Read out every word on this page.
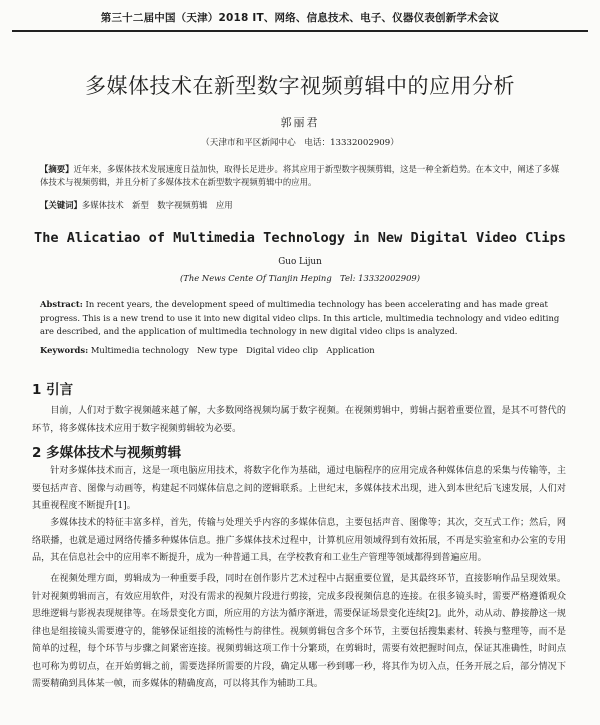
第三十二届中国（天津）2018 IT、网络、信息技术、电子、仪器仪表创新学术会议
多媒体技术在新型数字视频剪辑中的应用分析
郭丽君
（天津市和平区新闻中心　电话：13332002909）
【摘要】近年来，多媒体技术发展速度日益加快，取得长足进步。将其应用于新型数字视频剪辑，这是一种全新趋势。在本文中，阐述了多媒体技术与视频剪辑，并且分析了多媒体技术在新型数字视频剪辑中的应用。
【关键词】多媒体技术　新型　数字视频剪辑　应用
The Alicatiao of Multimedia Technology in New Digital Video Clips
Guo Lijun
(The News Cente Of Tianjin Heping　Tel: 13332002909)
Abstract: In recent years, the development speed of multimedia technology has been accelerating and has made great progress. This is a new trend to use it into new digital video clips. In this article, multimedia technology and video editing are described, and the application of multimedia technology in new digital video clips is analyzed.
Keywords: Multimedia technology　New type　Digital video clip　Application
1 引言
目前，人们对于数字视频越来越了解，大多数网络视频均属于数字视频。在视频剪辑中，剪辑占据着重要位置，是其不可替代的环节，将多媒体技术应用于数字视频剪辑较为必要。
2 多媒体技术与视频剪辑
针对多媒体技术而言，这是一项电脑应用技术，将数字化作为基础，通过电脑程序的应用完成各种媒体信息的采集与传输等，主要包括声音、图像与动画等，构建起不同媒体信息之间的逻辑联系。上世纪末，多媒体技术出现，进入到本世纪后飞速发展，人们对其重视程度不断提升[1]。
多媒体技术的特征丰富多样，首先，传输与处理关乎内容的多媒体信息，主要包括声音、图像等；其次，交互式工作；然后，网络联播，也就是通过网络传播多种媒体信息。推广多媒体技术过程中，计算机应用领域得到有效拓展，不再是实验室和办公室的专用品，其在信息社会中的应用率不断提升，成为一种普通工具，在学校教育和工业生产管理等领域都得到普遍应用。
在视频处理方面，剪辑成为一种重要手段，同时在创作影片艺术过程中占据重要位置，是其最终环节，直接影响作品呈现效果。针对视频剪辑而言，有效应用软件，对没有需求的视频片段进行剪接，完成多段视频信息的连接。在很多镜头时，需要严格遵循观众思维逻辑与影视表现规律等。在场景变化方面，所应用的方法为循序渐进，需要保证场景变化连续[2]。此外，动从动、静接静这一规律也是组接镜头需要遵守的，能够保证组接的流畅性与韵律性。视频剪辑包含多个环节，主要包括搜集素材、转换与整理等，而不是简单的过程，每个环节与步骤之间紧密连接。视频剪辑这项工作十分繁琐，在剪辑时，需要有效把握时间点，保证其准确性，时间点也可称为剪切点，在开始剪辑之前，需要选择所需要的片段，确定从哪一秒到哪一秒，将其作为切入点，任务开展之后，部分情况下需要精确到具体某一帧，而多媒体的精确度高，可以将其作为辅助工具。
